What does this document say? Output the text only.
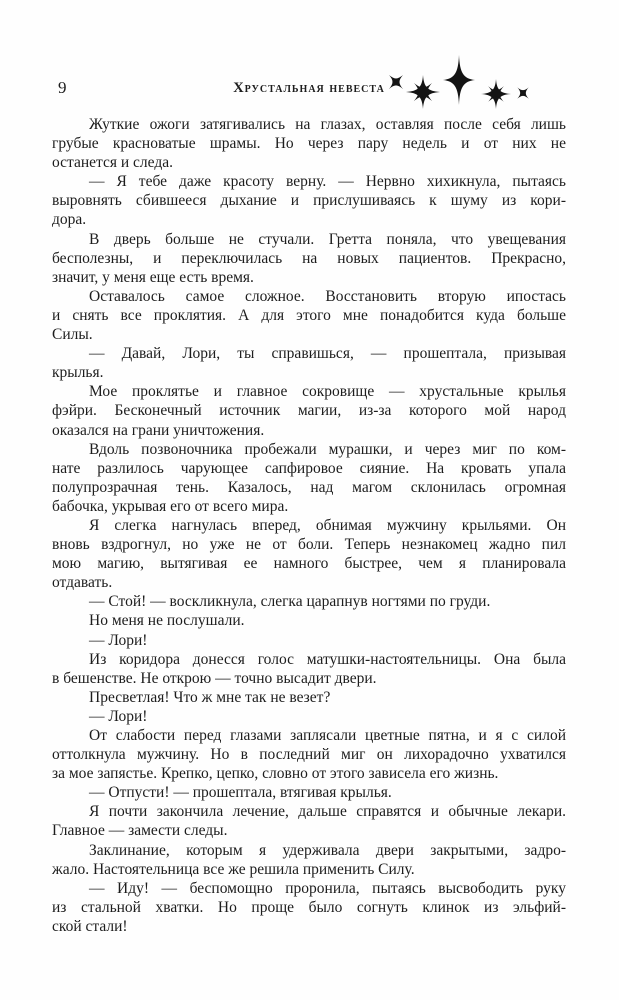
9	Хрустальная невеста
Жуткие ожоги затягивались на глазах, оставляя после себя лишь
грубые красноватые шрамы. Но через пару недель и от них не
останется и следа.
— Я тебе даже красоту верну. — Нервно хихикнула, пытаясь
выровнять сбившееся дыхание и прислушиваясь к шуму из кори-
дора.
В дверь больше не стучали. Гретта поняла, что увещевания
бесполезны, и переключилась на новых пациентов. Прекрасно,
значит, у меня еще есть время.
Оставалось самое сложное. Восстановить вторую ипостась
и снять все проклятия. А для этого мне понадобится куда больше
Силы.
— Давай, Лори, ты справишься, — прошептала, призывая
крылья.
Мое проклятье и главное сокровище — хрустальные крылья
фэйри. Бесконечный источник магии, из-за которого мой народ
оказался на грани уничтожения.
Вдоль позвоночника пробежали мурашки, и через миг по ком-
нате разлилось чарующее сапфировое сияние. На кровать упала
полупрозрачная тень. Казалось, над магом склонилась огромная
бабочка, укрывая его от всего мира.
Я слегка нагнулась вперед, обнимая мужчину крыльями. Он
вновь вздрогнул, но уже не от боли. Теперь незнакомец жадно пил
мою магию, вытягивая ее намного быстрее, чем я планировала
отдавать.
— Стой! — воскликнула, слегка царапнув ногтями по груди.
Но меня не послушали.
— Лори!
Из коридора донесся голос матушки-настоятельницы. Она была
в бешенстве. Не открою — точно высадит двери.
Пресветлая! Что ж мне так не везет?
— Лори!
От слабости перед глазами заплясали цветные пятна, и я с силой
оттолкнула мужчину. Но в последний миг он лихорадочно ухватился
за мое запястье. Крепко, цепко, словно от этого зависела его жизнь.
— Отпусти! — прошептала, втягивая крылья.
Я почти закончила лечение, дальше справятся и обычные лекари.
Главное — замести следы.
Заклинание, которым я удерживала двери закрытыми, задро-
жало. Настоятельница все же решила применить Силу.
— Иду! — беспомощно проронила, пытаясь высвободить руку
из стальной хватки. Но проще было согнуть клинок из эльфий-
ской стали!
